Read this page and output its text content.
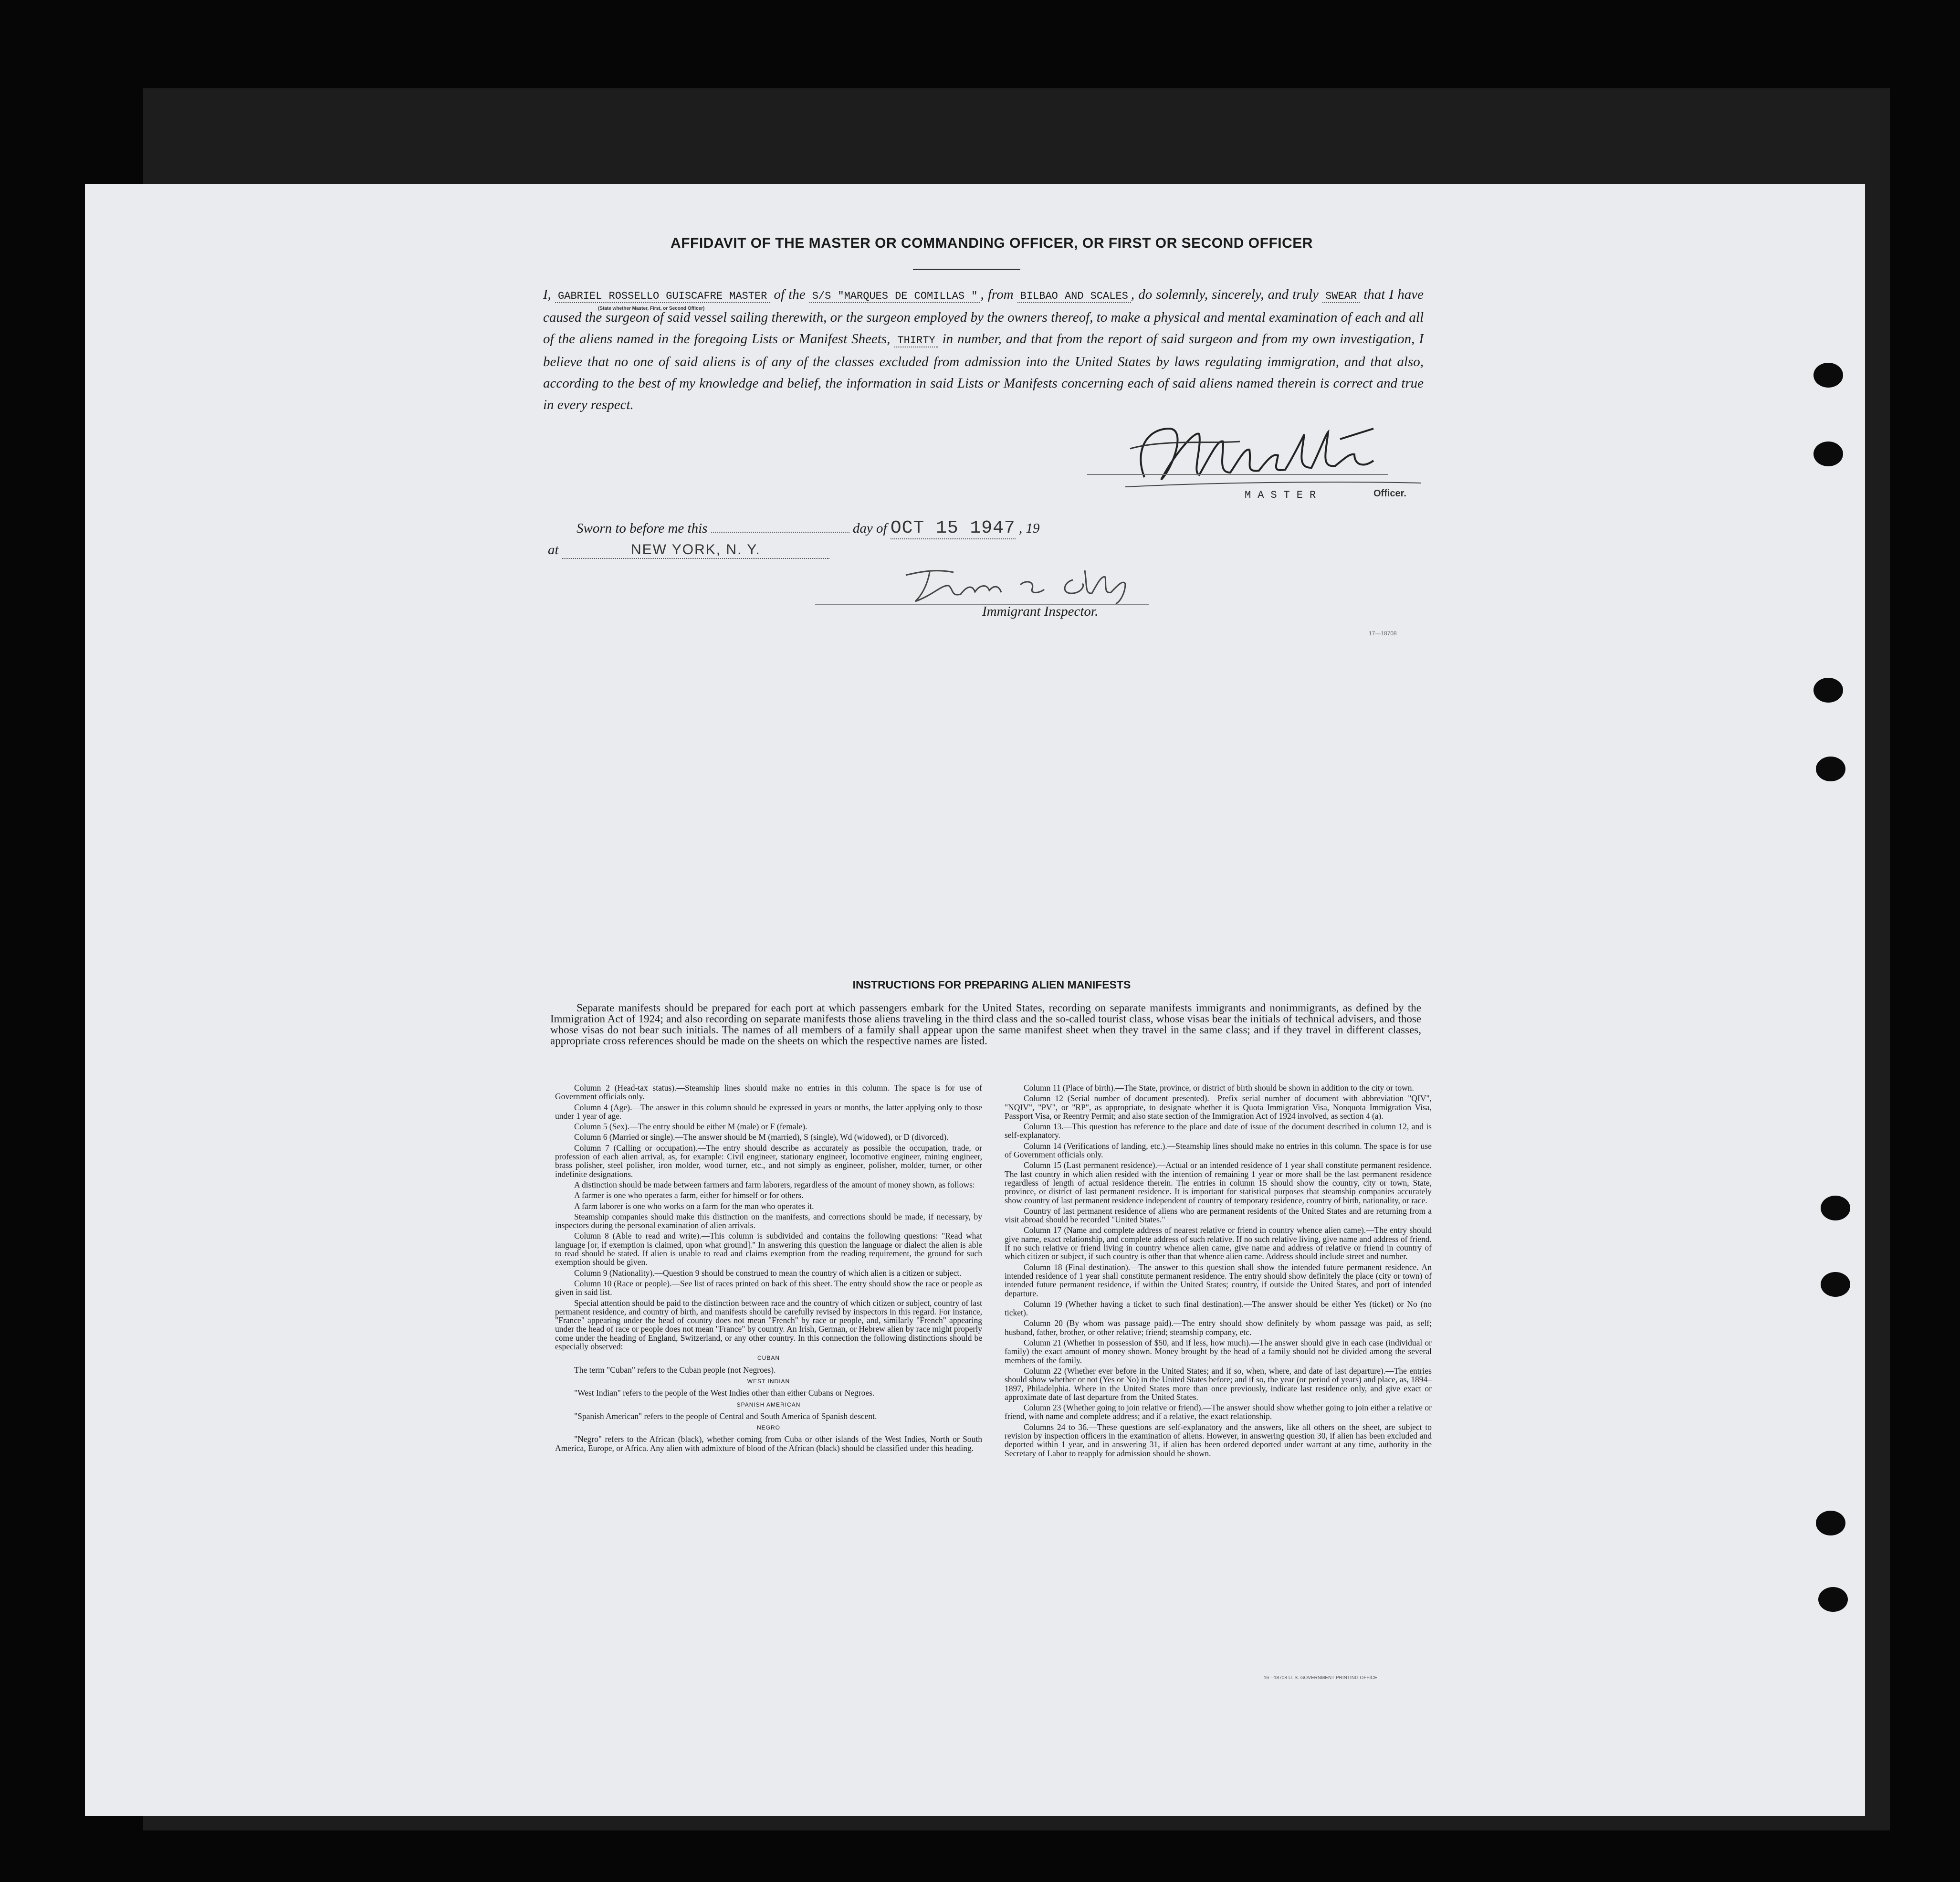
AFFIDAVIT OF THE MASTER OR COMMANDING OFFICER, OR FIRST OR SECOND OFFICER
I, GABRIEL ROSSELLO GUISCAFRE MASTER of the S/S "MARQUES DE COMILLAS " , from BILBAO AND SCALES , do solemnly, sincerely, and truly SWEAR that I have caused the surgeon of said vessel sailing therewith, or the surgeon employed by the owners thereof, to make a physical and mental examination of each and all of the aliens named in the foregoing Lists or Manifest Sheets, THIRTY in number, and that from the report of said surgeon and from my own investigation, I believe that no one of said aliens is of any of the classes excluded from admission into the United States by laws regulating immigration, and that also, according to the best of my knowledge and belief, the information in said Lists or Manifests concerning each of said aliens named therein is correct and true in every respect.
(State whether Master, First, or Second Officer)
MASTER	Officer.
Sworn to before me this	day of OCT 15 1947 , 19
at	NEW YORK, N. Y.
Immigrant Inspector.
17—18708
INSTRUCTIONS FOR PREPARING ALIEN MANIFESTS
Separate manifests should be prepared for each port at which passengers embark for the United States, recording on separate manifests immigrants and nonimmigrants, as defined by the Immigration Act of 1924; and also recording on separate manifests those aliens traveling in the third class and the so-called tourist class, whose visas bear the initials of technical advisers, and those whose visas do not bear such initials. The names of all members of a family shall appear upon the same manifest sheet when they travel in the same class; and if they travel in different classes, appropriate cross references should be made on the sheets on which the respective names are listed.

Column 2 (Head-tax status).—Steamship lines should make no entries in this column. The space is for use of Government officials only.

Column 4 (Age).—The answer in this column should be expressed in years or months, the latter applying only to those under 1 year of age.

Column 5 (Sex).—The entry should be either M (male) or F (female).

Column 6 (Married or single).—The answer should be M (married), S (single), Wd (widowed), or D (divorced).

Column 7 (Calling or occupation).—The entry should describe as accurately as possible the occupation, trade, or profession of each alien arrival, as, for example: Civil engineer, stationary engineer, locomotive engineer, mining engineer, brass polisher, steel polisher, iron molder, wood turner, etc., and not simply as engineer, polisher, molder, turner, or other indefinite designations.

A distinction should be made between farmers and farm laborers, regardless of the amount of money shown, as follows:

A farmer is one who operates a farm, either for himself or for others.

A farm laborer is one who works on a farm for the man who operates it.

Steamship companies should make this distinction on the manifests, and corrections should be made, if necessary, by inspectors during the personal examination of alien arrivals.

Column 8 (Able to read and write).—This column is subdivided and contains the following questions: "Read what language [or, if exemption is claimed, upon what ground]." In answering this question the language or dialect the alien is able to read should be stated. If alien is unable to read and claims exemption from the reading requirement, the ground for such exemption should be given.

Column 9 (Nationality).—Question 9 should be construed to mean the country of which alien is a citizen or subject.

Column 10 (Race or people).—See list of races printed on back of this sheet. The entry should show the race or people as given in said list.

Special attention should be paid to the distinction between race and the country of which citizen or subject, country of last permanent residence, and country of birth, and manifests should be carefully revised by inspectors in this regard. For instance, "France" appearing under the head of country does not mean "French" by race or people, and, similarly "French" appearing under the head of race or people does not mean "France" by country. An Irish, German, or Hebrew alien by race might properly come under the heading of England, Switzerland, or any other country. In this connection the following distinctions should be especially observed:

CUBAN

The term "Cuban" refers to the Cuban people (not Negroes).

WEST INDIAN

"West Indian" refers to the people of the West Indies other than either Cubans or Negroes.

SPANISH AMERICAN

"Spanish American" refers to the people of Central and South America of Spanish descent.

NEGRO

"Negro" refers to the African (black), whether coming from Cuba or other islands of the West Indies, North or South America, Europe, or Africa. Any alien with admixture of blood of the African (black) should be classified under this heading.

Column 11 (Place of birth).—The State, province, or district of birth should be shown in addition to the city or town.

Column 12 (Serial number of document presented).—Prefix serial number of document with abbreviation "QIV", "NQIV", "PV", or "RP", as appropriate, to designate whether it is Quota Immigration Visa, Nonquota Immigration Visa, Passport Visa, or Reentry Permit; and also state section of the Immigration Act of 1924 involved, as section 4 (a).

Column 13.—This question has reference to the place and date of issue of the document described in column 12, and is self-explanatory.

Column 14 (Verifications of landing, etc.).—Steamship lines should make no entries in this column. The space is for use of Government officials only.

Column 15 (Last permanent residence).—Actual or an intended residence of 1 year shall constitute permanent residence. The last country in which alien resided with the intention of remaining 1 year or more shall be the last permanent residence regardless of length of actual residence therein. The entries in column 15 should show the country, city or town, State, province, or district of last permanent residence. It is important for statistical purposes that steamship companies accurately show country of last permanent residence independent of country of temporary residence, country of birth, nationality, or race.

Country of last permanent residence of aliens who are permanent residents of the United States and are returning from a visit abroad should be recorded "United States."

Column 17 (Name and complete address of nearest relative or friend in country whence alien came).—The entry should give name, exact relationship, and complete address of such relative. If no such relative living, give name and address of friend. If no such relative or friend living in country whence alien came, give name and address of relative or friend in country of which citizen or subject, if such country is other than that whence alien came. Address should include street and number.

Column 18 (Final destination).—The answer to this question shall show the intended future permanent residence. An intended residence of 1 year shall constitute permanent residence. The entry should show definitely the place (city or town) of intended future permanent residence, if within the United States; country, if outside the United States, and port of intended departure.

Column 19 (Whether having a ticket to such final destination).—The answer should be either Yes (ticket) or No (no ticket).

Column 20 (By whom was passage paid).—The entry should show definitely by whom passage was paid, as self; husband, father, brother, or other relative; friend; steamship company, etc.

Column 21 (Whether in possession of $50, and if less, how much).—The answer should give in each case (individual or family) the exact amount of money shown. Money brought by the head of a family should not be divided among the several members of the family.

Column 22 (Whether ever before in the United States; and if so, when, where, and date of last departure).—The entries should show whether or not (Yes or No) in the United States before; and if so, the year (or period of years) and place, as, 1894–1897, Philadelphia. Where in the United States more than once previously, indicate last residence only, and give exact or approximate date of last departure from the United States.

Column 23 (Whether going to join relative or friend).—The answer should show whether going to join either a relative or friend, with name and complete address; and if a relative, the exact relationship.

Columns 24 to 36.—These questions are self-explanatory and the answers, like all others on the sheet, are subject to revision by inspection officers in the examination of aliens. However, in answering question 30, if alien has been excluded and deported within 1 year, and in answering 31, if alien has been ordered deported under warrant at any time, authority in the Secretary of Labor to reapply for admission should be shown.

16—18708 U. S. GOVERNMENT PRINTING OFFICE
